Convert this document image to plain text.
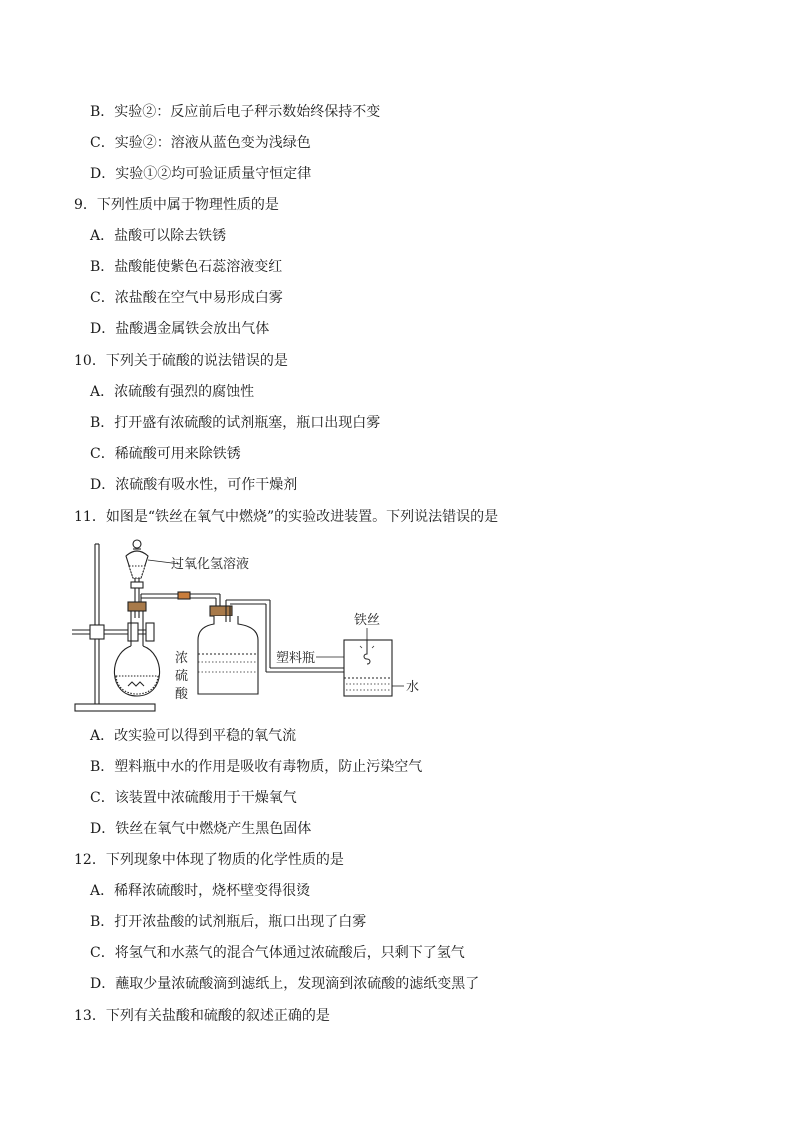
B．实验②：反应前后电子秤示数始终保持不变
C．实验②：溶液从蓝色变为浅绿色
D．实验①②均可验证质量守恒定律
9．下列性质中属于物理性质的是
A．盐酸可以除去铁锈
B．盐酸能使紫色石蕊溶液变红
C．浓盐酸在空气中易形成白雾
D．盐酸遇金属铁会放出气体
10．下列关于硫酸的说法错误的是
A．浓硫酸有强烈的腐蚀性
B．打开盛有浓硫酸的试剂瓶塞，瓶口出现白雾
C．稀硫酸可用来除铁锈
D．浓硫酸有吸水性，可作干燥剂
11．如图是“铁丝在氧气中燃烧”的实验改进装置。下列说法错误的是
过氧化氢溶液
浓
硫
酸
塑料瓶
铁丝
水
A．改实验可以得到平稳的氧气流
B．塑料瓶中水的作用是吸收有毒物质，防止污染空气
C．该装置中浓硫酸用于干燥氧气
D．铁丝在氧气中燃烧产生黑色固体
12．下列现象中体现了物质的化学性质的是
A．稀释浓硫酸时，烧杯壁变得很烫
B．打开浓盐酸的试剂瓶后，瓶口出现了白雾
C．将氢气和水蒸气的混合气体通过浓硫酸后，只剩下了氢气
D．蘸取少量浓硫酸滴到滤纸上，发现滴到浓硫酸的滤纸变黑了
13．下列有关盐酸和硫酸的叙述正确的是
